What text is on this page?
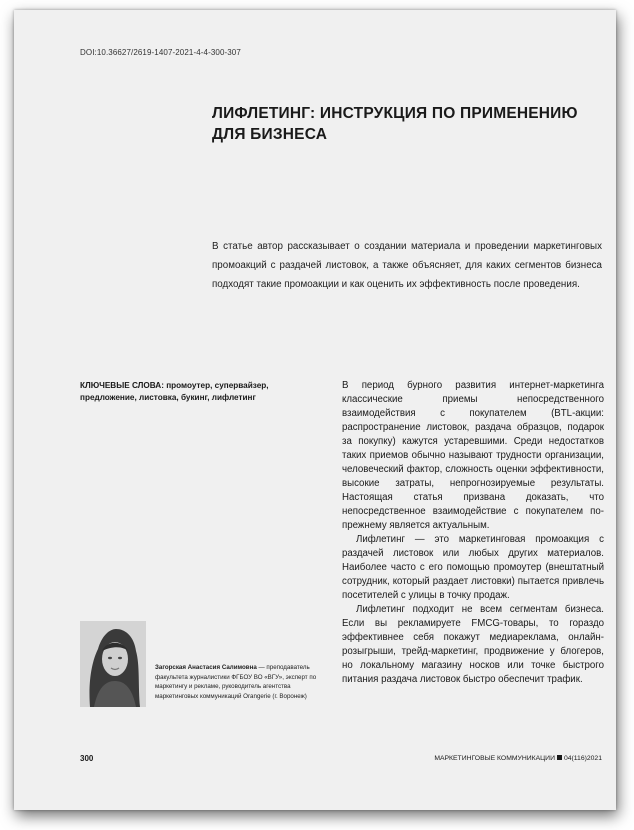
DOI:10.36627/2619-1407-2021-4-4-300-307
ЛИФЛЕТИНГ: ИНСТРУКЦИЯ ПО ПРИМЕНЕНИЮ
ДЛЯ БИЗНЕСА
В статье автор рассказывает о создании материала и проведении маркетинговых промоакций с раздачей листовок, а также объясняет, для каких сегментов бизнеса подходят такие промоакции и как оценить их эффективность после проведения.
КЛЮЧЕВЫЕ СЛОВА: промоутер, супервайзер, предложение, листовка, букинг, лифлетинг

В период бурного развития интернет-маркетинга классические приемы непосредственного взаимодействия с покупателем (BTL-акции: распространение листовок, раздача образцов, подарок за покупку) кажутся устаревшими. Среди недостатков таких приемов обычно называют трудности организации, человеческий фактор, сложность оценки эффективности, высокие затраты, непрогнозируемые результаты. Настоящая статья призвана доказать, что непосредственное взаимодействие с покупателем по-прежнему является актуальным.

Лифлетинг — это маркетинговая промоакция с раздачей листовок или любых других материалов. Наиболее часто с его помощью промоутер (внештатный сотрудник, который раздает листовки) пытается привлечь посетителей с улицы в точку продаж.

Лифлетинг подходит не всем сегментам бизнеса. Если вы рекламируете FMCG-товары, то гораздо эффективнее себя покажут медиареклама, онлайн-розыгрыши, трейд-маркетинг, продвижение у блогеров, но локальному магазину носков или точке быстрого питания раздача листовок быстро обеспечит трафик.

Загорская Анастасия Салимовна — преподаватель факультета журналистики ФГБОУ ВО «ВГУ», эксперт по маркетингу и рекламе, руководитель агентства маркетинговых коммуникаций Orangerie (г. Воронеж)
300	МАРКЕТИНГОВЫЕ КОММУНИКАЦИИ 04(116)2021
